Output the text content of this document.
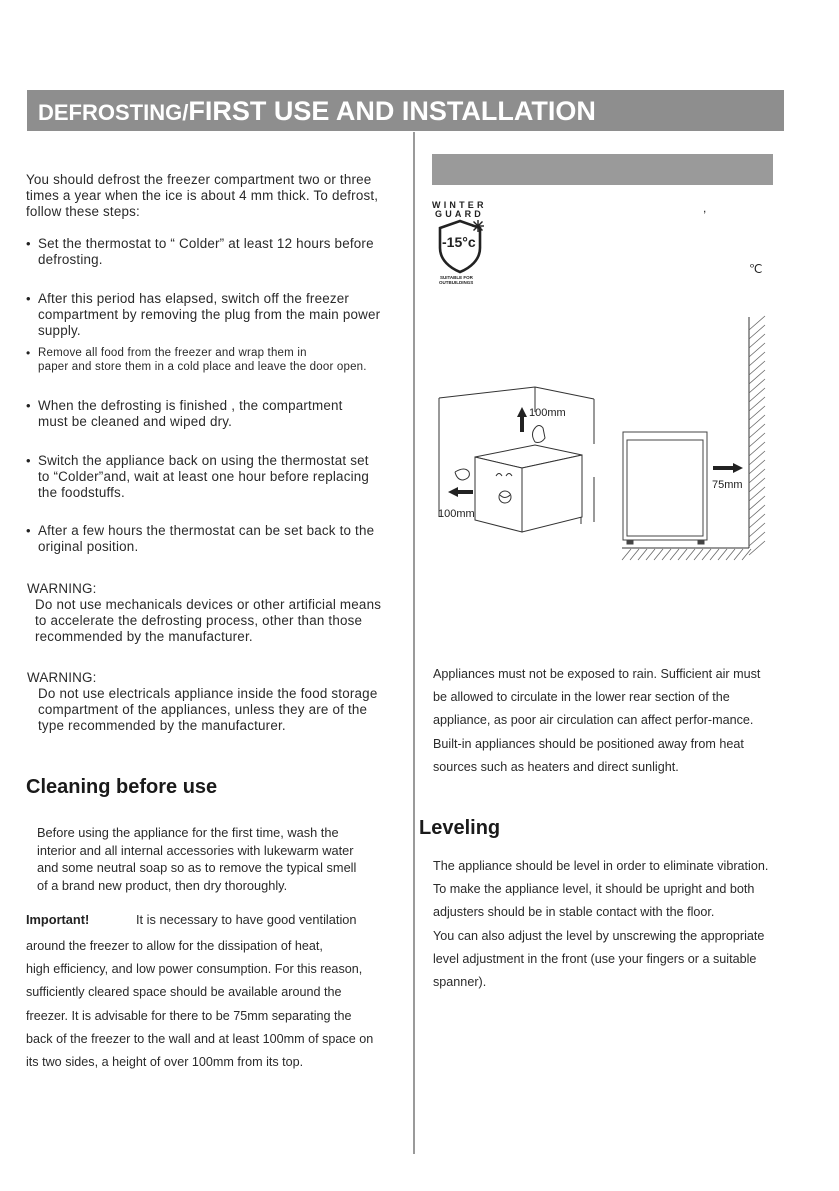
DEFROSTING/FIRST USE AND INSTALLATION
You should defrost the freezer compartment two or three
times a year when the ice is about 4 mm thick. To defrost,
follow these steps:
• Set the thermostat to “ Colder” at least 12 hours before
defrosting.
• After this period has elapsed, switch off the freezer
compartment by removing the plug from the main power
supply.
• Remove all food from the freezer and wrap them in
paper and store them in a cold place and leave the door open.
• When the defrosting is finished , the compartment
must be cleaned and wiped dry.
• Switch the appliance back on using the thermostat set
to “Colder”and, wait at least one hour before replacing
the foodstuffs.
• After a few hours the thermostat can be set back to the
original position.
WARNING:
Do not use mechanicals devices or other artificial means
to accelerate the defrosting process, other than those
recommended by the manufacturer.
WARNING:
Do not use electricals appliance inside the food storage
compartment of the appliances, unless they are of the
type recommended by the manufacturer.
Cleaning before use
Before using the appliance for the first time, wash the
interior and all internal accessories with lukewarm water
and some neutral soap so as to remove the typical smell
of a brand new product, then dry thoroughly.
Important!	It is necessary to have good ventilation
around the freezer to allow for the dissipation of heat,
high efficiency, and low power consumption. For this reason,
sufficiently cleared space should be available around the
freezer. It is advisable for there to be 75mm separating the
back of the freezer to the wall and at least 100mm of space on
its two sides, a height of over 100mm from its top.
WINTER
GUARD
-15°c
SUITABLE FOR
OUTBUILDINGS
,
℃
100mm
100mm
75mm
Appliances must not be exposed to rain. Sufficient air must
be allowed to circulate in the lower rear section of the
appliance, as poor air circulation can affect perfor-mance.
Built-in appliances should be positioned away from heat
sources such as heaters and direct sunlight.
Leveling
The appliance should be level in order to eliminate vibration.
To make the appliance level, it should be upright and both
adjusters should be in stable contact with the floor.
You can also adjust the level by unscrewing the appropriate
level adjustment in the front (use your fingers or a suitable
spanner).
